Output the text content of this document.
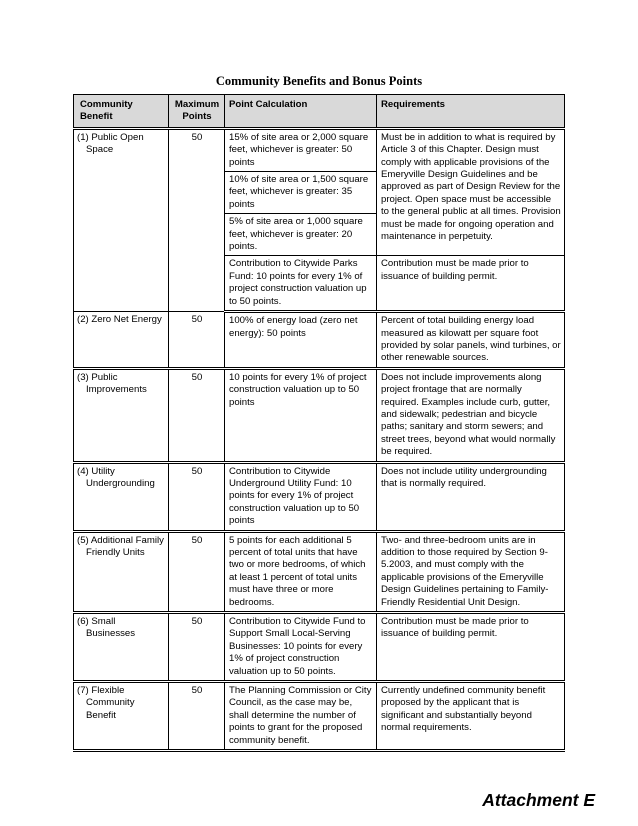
Community Benefits and Bonus Points
Community Benefit	Maximum Points	Point Calculation	Requirements
(1) Public Open Space	50	15% of site area or 2,000 square feet, whichever is greater: 50 points	Must be in addition to what is required by Article 3 of this Chapter. Design must comply with applicable provisions of the Emeryville Design Guidelines and be approved as part of Design Review for the project. Open space must be accessible to the general public at all times. Provision must be made for ongoing operation and maintenance in perpetuity.
		10% of site area or 1,500 square feet, whichever is greater: 35 points	
		5% of site area or 1,000 square feet, whichever is greater: 20 points.	
		Contribution to Citywide Parks Fund: 10 points for every 1% of project construction valuation up to 50 points.	Contribution must be made prior to issuance of building permit.
(2) Zero Net Energy	50	100% of energy load (zero net energy): 50 points	Percent of total building energy load measured as kilowatt per square foot provided by solar panels, wind turbines, or other renewable sources.
(3) Public Improvements	50	10 points for every 1% of project construction valuation up to 50 points	Does not include improvements along project frontage that are normally required. Examples include curb, gutter, and sidewalk; pedestrian and bicycle paths; sanitary and storm sewers; and street trees, beyond what would normally be required.
(4) Utility Undergrounding	50	Contribution to Citywide Underground Utility Fund: 10 points for every 1% of project construction valuation up to 50 points	Does not include utility undergrounding that is normally required.
(5) Additional Family Friendly Units	50	5 points for each additional 5 percent of total units that have two or more bedrooms, of which at least 1 percent of total units must have three or more bedrooms.	Two- and three-bedroom units are in addition to those required by Section 9-5.2003, and must comply with the applicable provisions of the Emeryville Design Guidelines pertaining to Family-Friendly Residential Unit Design.
(6) Small Businesses	50	Contribution to Citywide Fund to Support Small Local-Serving Businesses: 10 points for every 1% of project construction valuation up to 50 points.	Contribution must be made prior to issuance of building permit.
(7) Flexible Community Benefit	50	The Planning Commission or City Council, as the case may be, shall determine the number of points to grant for the proposed community benefit.	Currently undefined community benefit proposed by the applicant that is significant and substantially beyond normal requirements.
Attachment E
